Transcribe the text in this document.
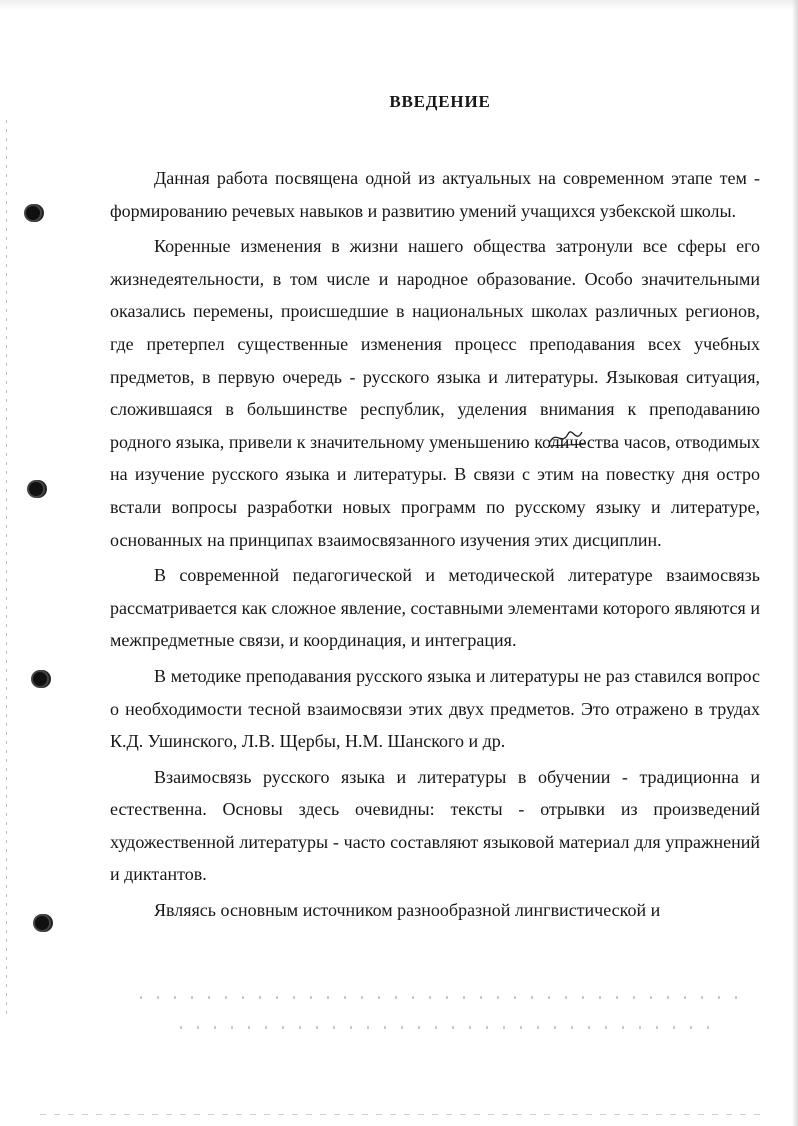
ВВЕДЕНИЕ

Данная работа посвящена одной из актуальных на современном этапе тем - формированию речевых навыков и развитию умений учащихся узбекской школы.

Коренные изменения в жизни нашего общества затронули все сферы его жизнедеятельности, в том числе и народное образование. Особо значительными оказались перемены, происшедшие в национальных школах различных регионов, где претерпел существенные изменения процесс преподавания всех учебных предметов, в первую очередь - русского языка и литературы. Языковая ситуация, сложившаяся в большинстве республик, уделения внимания к преподаванию родного языка, привели к значительному уменьшению количества часов, отводимых на изучение русского языка и литературы. В связи с этим на повестку дня остро встали вопросы разработки новых программ по русскому языку и литературе, основанных на принципах взаимосвязанного изучения этих дисциплин.

В современной педагогической и методической литературе взаимосвязь рассматривается как сложное явление, составными элементами которого являются и межпредметные связи, и координация, и интеграция.

В методике преподавания русского языка и литературы не раз ставился вопрос о необходимости тесной взаимосвязи этих двух предметов. Это отражено в трудах К.Д. Ушинского, Л.В. Щербы, Н.М. Шанского и др.

Взаимосвязь русского языка и литературы в обучении - традиционна и естественна. Основы здесь очевидны: тексты - отрывки из произведений художественной литературы - часто составляют языковой материал для упражнений и диктантов.

Являясь основным источником разнообразной лингвистической и
